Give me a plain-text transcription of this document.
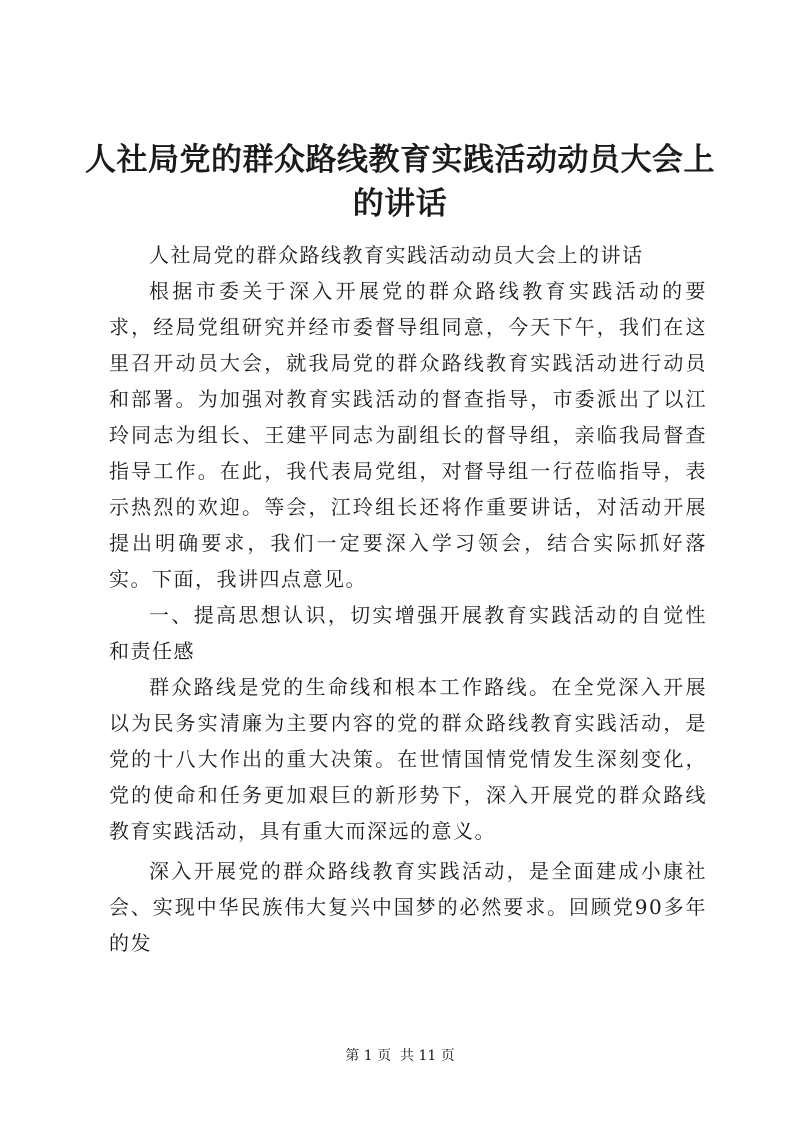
人社局党的群众路线教育实践活动动员大会上
的讲话

人社局党的群众路线教育实践活动动员大会上的讲话

根据市委关于深入开展党的群众路线教育实践活动的要求，经局党组研究并经市委督导组同意，今天下午，我们在这里召开动员大会，就我局党的群众路线教育实践活动进行动员和部署。为加强对教育实践活动的督查指导，市委派出了以江玲同志为组长、王建平同志为副组长的督导组，亲临我局督查指导工作。在此，我代表局党组，对督导组一行莅临指导，表示热烈的欢迎。等会，江玲组长还将作重要讲话，对活动开展提出明确要求，我们一定要深入学习领会，结合实际抓好落实。下面，我讲四点意见。

一、提高思想认识，切实增强开展教育实践活动的自觉性和责任感

群众路线是党的生命线和根本工作路线。在全党深入开展以为民务实清廉为主要内容的党的群众路线教育实践活动，是党的十八大作出的重大决策。在世情国情党情发生深刻变化，党的使命和任务更加艰巨的新形势下，深入开展党的群众路线教育实践活动，具有重大而深远的意义。

深入开展党的群众路线教育实践活动，是全面建成小康社会、实现中华民族伟大复兴中国梦的必然要求。回顾党90多年的发

第 1 页  共 11 页
